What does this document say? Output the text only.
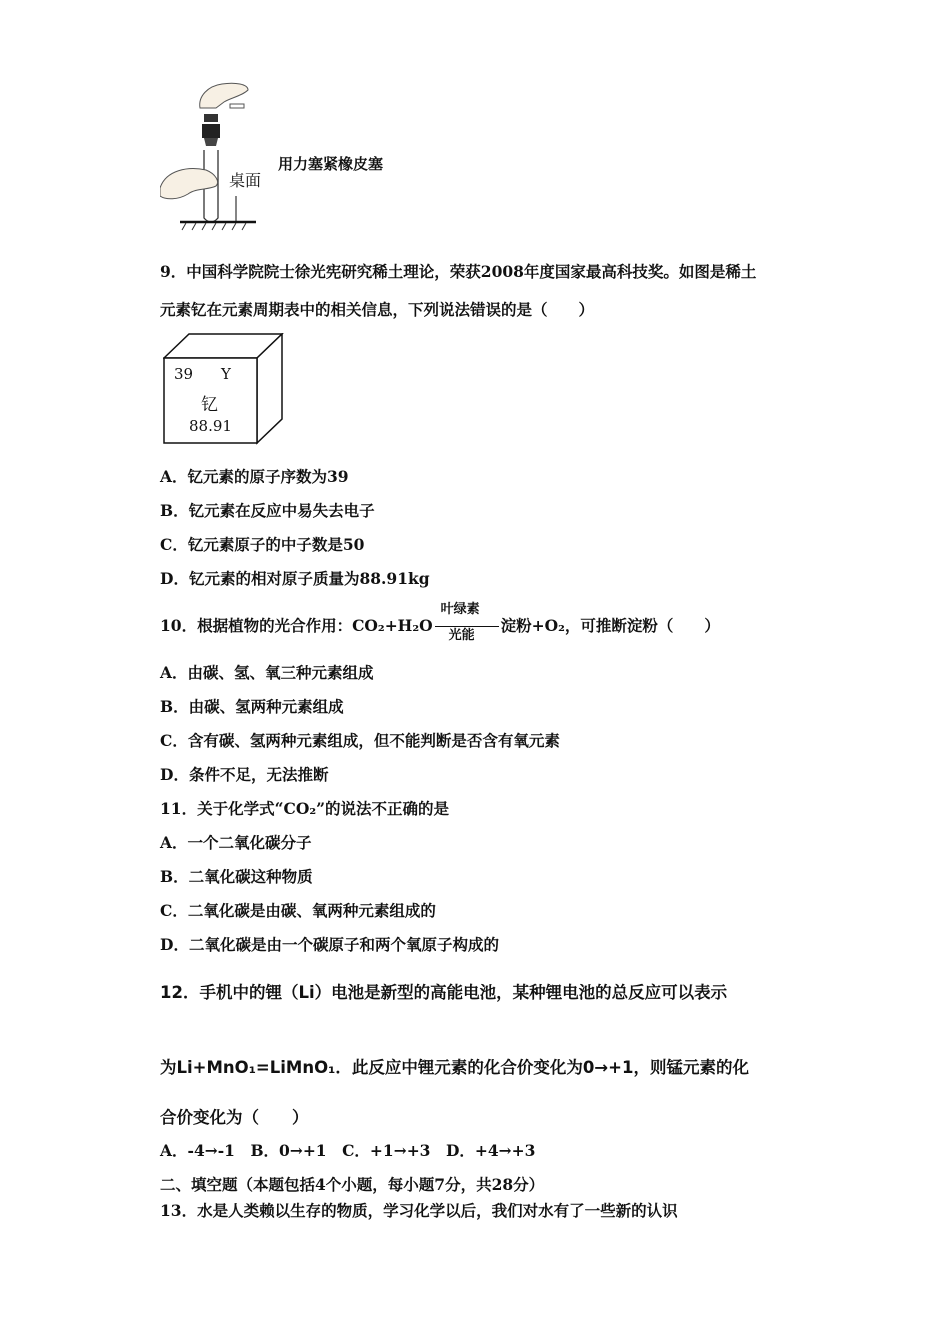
桌面
用力塞紧橡皮塞
9．中国科学院院士徐光宪研究稀土理论，荣获2008年度国家最高科技奖。如图是稀土
元素钇在元素周期表中的相关信息，下列说法错误的是（　　）
39 Y
钇
88.91
A．钇元素的原子序数为39
B．钇元素在反应中易失去电子
C．钇元素原子的中子数是50
D．钇元素的相对原子质量为88.91kg
10．根据植物的光合作用：CO₂+H₂O
叶绿素
光能
淀粉+O₂，可推断淀粉（　　）
A．由碳、氢、氧三种元素组成
B．由碳、氢两种元素组成
C．含有碳、氢两种元素组成，但不能判断是否含有氧元素
D．条件不足，无法推断
11．关于化学式“CO₂”的说法不正确的是
A．一个二氧化碳分子
B．二氧化碳这种物质
C．二氧化碳是由碳、氧两种元素组成的
D．二氧化碳是由一个碳原子和两个氧原子构成的
12．手机中的锂（Li）电池是新型的高能电池，某种锂电池的总反应可以表示
为Li+MnO₁=LiMnO₁．此反应中锂元素的化合价变化为0→+1，则锰元素的化
合价变化为（　　）
A．-4→-1　B．0→+1　C．+1→+3　D．+4→+3
二、填空题（本题包括4个小题，每小题7分，共28分）
13．水是人类赖以生存的物质，学习化学以后，我们对水有了一些新的认识
